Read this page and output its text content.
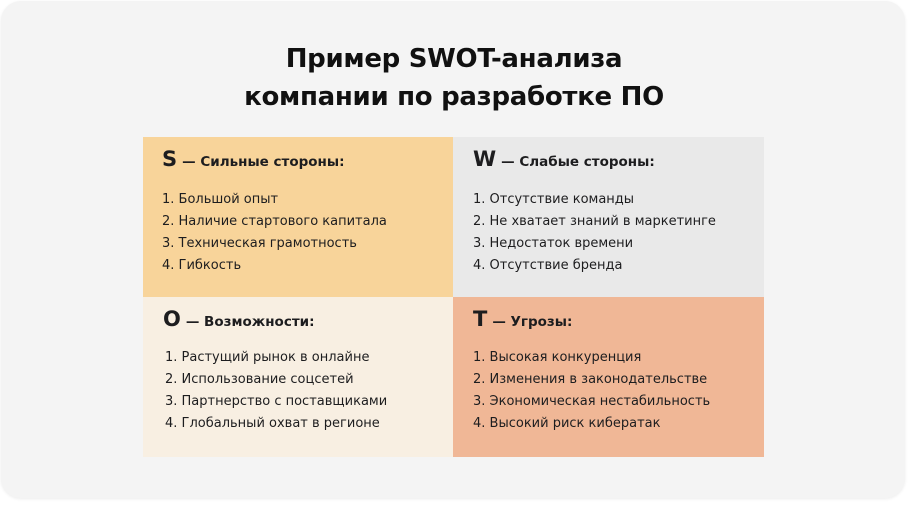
Пример SWOT-анализа
компании по разработке ПО
S — Сильные стороны:
1. Большой опыт
2. Наличие стартового капитала
3. Техническая грамотность
4. Гибкость
W — Слабые стороны:
1. Отсутствие команды
2. Не хватает знаний в маркетинге
3. Недостаток времени
4. Отсутствие бренда
O — Возможности:
1. Растущий рынок в онлайне
2. Использование соцсетей
3. Партнерство с поставщиками
4. Глобальный охват в регионе
T — Угрозы:
1. Высокая конкуренция
2. Изменения в законодательстве
3. Экономическая нестабильность
4. Высокий риск кибератак
